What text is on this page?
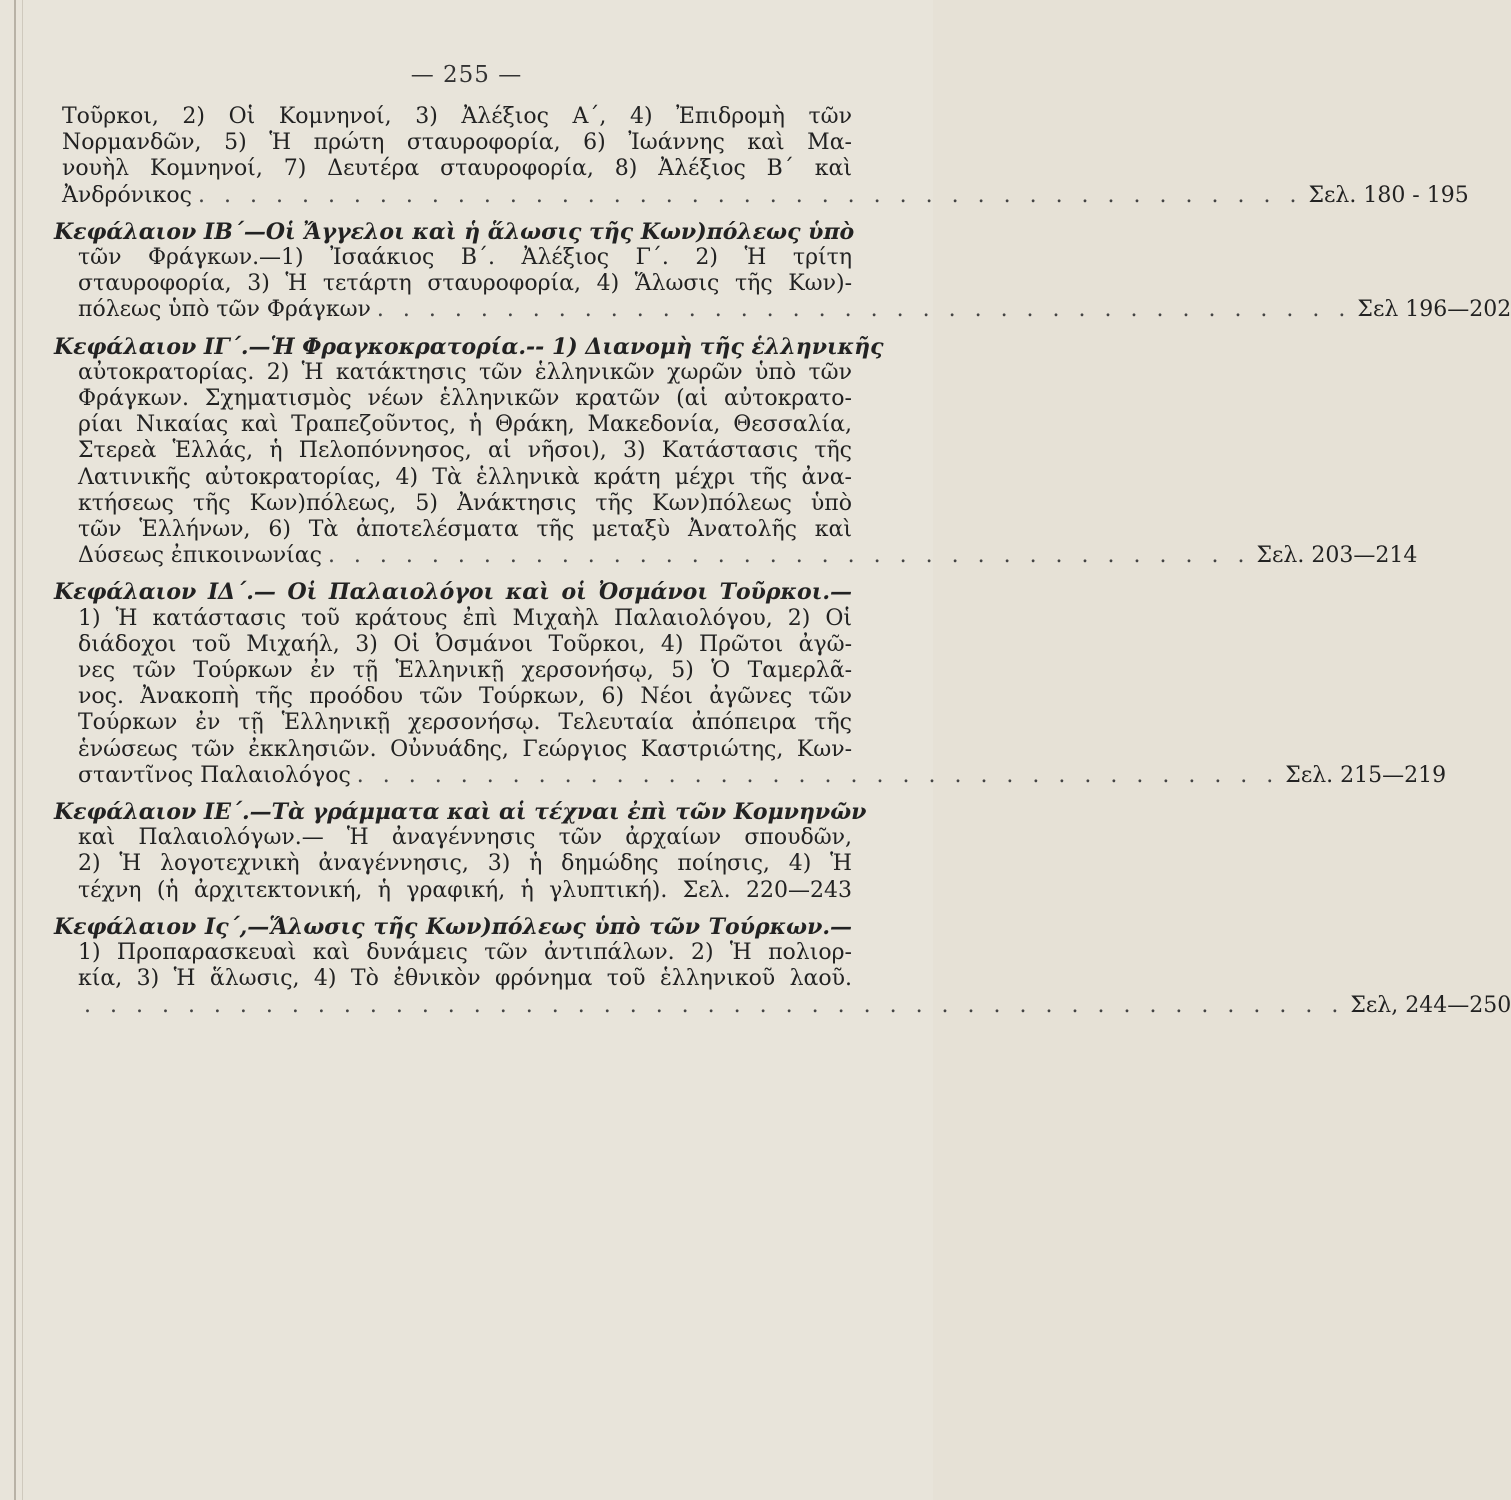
— 255 —
Τοῦρκοι, 2) Οἱ Κομνηνοί, 3) Ἀλέξιος Α΄, 4) Ἐπιδρομὴ τῶν
Νορμανδῶν, 5) Ἡ πρώτη σταυροφορία, 6) Ἰωάννης καὶ Μα-
νουὴλ Κομνηνοί, 7) Δευτέρα σταυροφορία, 8) Ἀλέξιος Β΄ καὶ
Ἀνδρόνικος . . . . . . . . . . . . . . . . . . . . . . . . . . . . . . . . . . . . . . . . . . . Σελ. 180 - 195
Κεφάλαιον ΙΒ΄—Οἱ Ἄγγελοι καὶ ἡ ἅλωσις τῆς Κων)πόλεως ὑπὸ
τῶν Φράγκων.—1) Ἰσαάκιος Β΄. Ἀλέξιος Γ΄. 2) Ἡ τρίτη
σταυροφορία, 3) Ἡ τετάρτη σταυροφορία, 4) Ἅλωσις τῆς Κων)-
πόλεως ὑπὸ τῶν Φράγκων . . . . . . . . . . . . . . . . . . . . . . . . . . . . . . . . . . . . . . Σελ 196—202
Κεφάλαιον ΙΓ΄.—Ἡ Φραγκοκρατορία.-- 1) Διανομὴ τῆς ἑλληνικῆς
αὐτοκρατορίας. 2) Ἡ κατάκτησις τῶν ἑλληνικῶν χωρῶν ὑπὸ τῶν
Φράγκων. Σχηματισμὸς νέων ἑλληνικῶν κρατῶν (αἱ αὐτοκρατο-
ρίαι Νικαίας καὶ Τραπεζοῦντος, ἡ Θράκη, Μακεδονία, Θεσσαλία,
Στερεὰ Ἑλλάς, ἡ Πελοπόννησος, αἱ νῆσοι), 3) Κατάστασις τῆς
Λατινικῆς αὐτοκρατορίας, 4) Τὰ ἑλληνικὰ κράτη μέχρι τῆς ἀνα-
κτήσεως τῆς Κων)πόλεως, 5) Ἀνάκτησις τῆς Κων)πόλεως ὑπὸ
τῶν Ἑλλήνων, 6) Τὰ ἀποτελέσματα τῆς μεταξὺ Ἀνατολῆς καὶ
Δύσεως ἐπικοινωνίας . . . . . . . . . . . . . . . . . . . . . . . . . . . . . . . . . . . . Σελ. 203—214
Κεφάλαιον ΙΔ΄.— Οἱ Παλαιολόγοι καὶ οἱ Ὀσμάνοι Τοῦρκοι.—
1) Ἡ κατάστασις τοῦ κράτους ἐπὶ Μιχαὴλ Παλαιολόγου, 2) Οἱ
διάδοχοι τοῦ Μιχαήλ, 3) Οἱ Ὀσμάνοι Τοῦρκοι, 4) Πρῶτοι ἀγῶ-
νες τῶν Τούρκων ἐν τῇ Ἑλληνικῇ χερσονήσῳ, 5) Ὁ Ταμερλᾶ-
νος. Ἀνακοπὴ τῆς προόδου τῶν Τούρκων, 6) Νέοι ἀγῶνες τῶν
Τούρκων ἐν τῇ Ἑλληνικῇ χερσονήσῳ. Τελευταία ἀπόπειρα τῆς
ἑνώσεως τῶν ἐκκλησιῶν. Οὐνυάδης, Γεώργιος Καστριώτης, Κων-
σταντῖνος Παλαιολόγος . . . . . . . . . . . . . . . . . . . . . . . . . . . . . . . . . . . . Σελ. 215—219
Κεφάλαιον ΙΕ΄.—Τὰ γράμματα καὶ αἱ τέχναι ἐπὶ τῶν Κομνηνῶν
καὶ Παλαιολόγων.— Ἡ ἀναγέννησις τῶν ἀρχαίων σπουδῶν,
2) Ἡ λογοτεχνικὴ ἀναγέννησις, 3) ἡ δημώδης ποίησις, 4) Ἡ
τέχνη (ἡ ἀρχιτεκτονική, ἡ γραφική, ἡ γλυπτική). Σελ. 220—243
Κεφάλαιον Ις΄,—Ἅλωσις τῆς Κων)πόλεως ὑπὸ τῶν Τούρκων.—
1) Προπαρασκευαὶ καὶ δυνάμεις τῶν ἀντιπάλων. 2) Ἡ πολιορ-
κία, 3) Ἡ ἅλωσις, 4) Τὸ ἐθνικὸν φρόνημα τοῦ ἑλληνικοῦ λαοῦ.
. . . . . . . . . . . . . . . . . . . . . . . . . . . . . . . . . . . . . . . . . . . . . . . . . Σελ, 244—250
